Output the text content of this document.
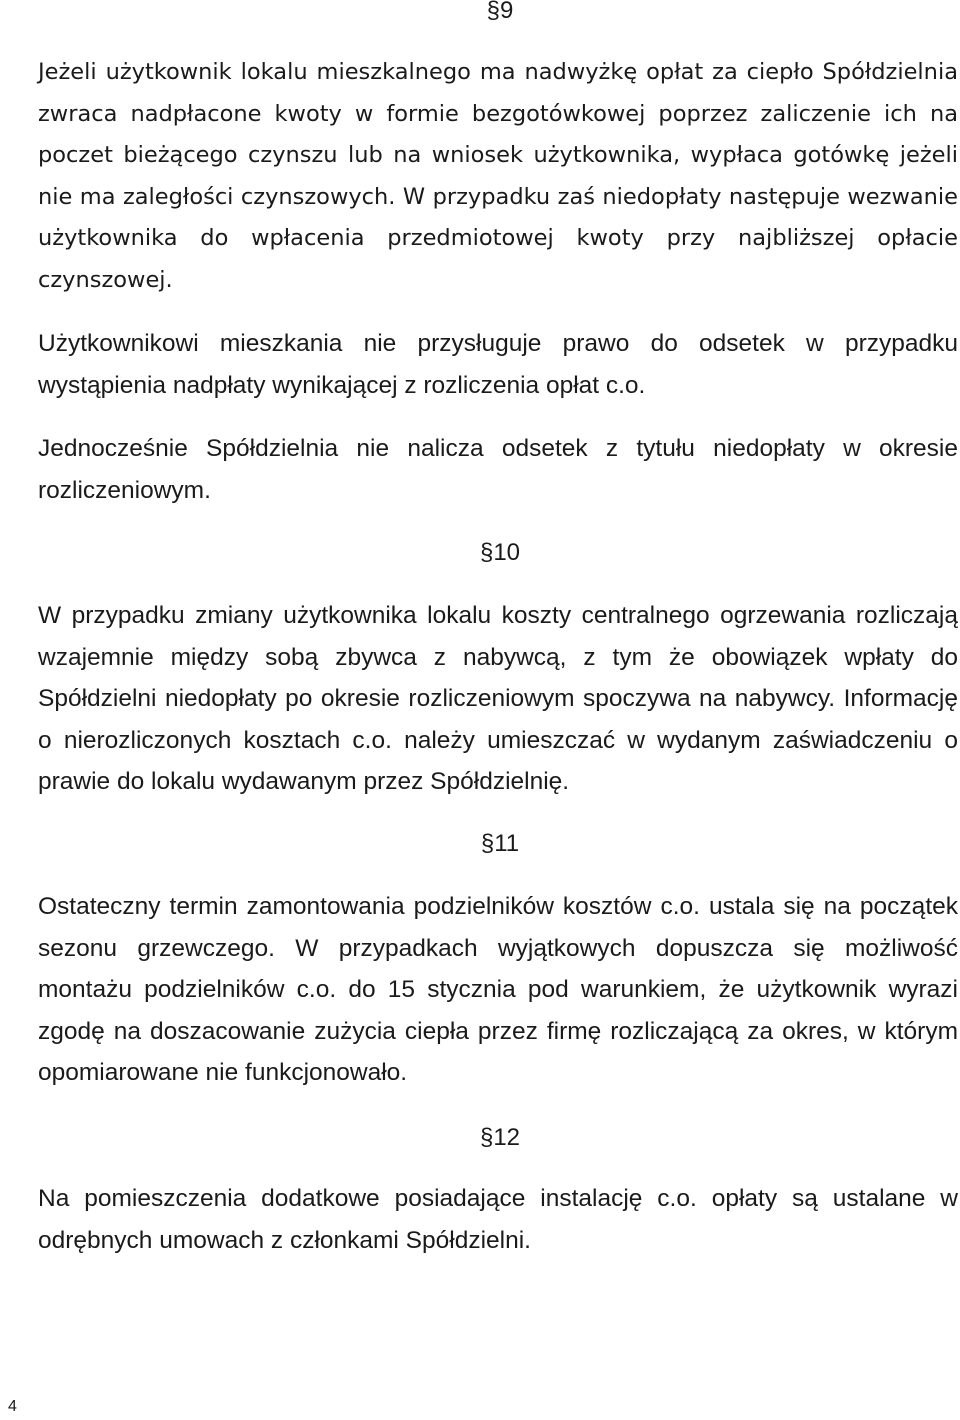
§9

Jeżeli użytkownik lokalu mieszkalnego ma nadwyżkę opłat za ciepło Spółdzielnia zwraca nadpłacone kwoty w formie bezgotówkowej poprzez zaliczenie ich na poczet bieżącego czynszu lub na wniosek użytkownika, wypłaca gotówkę jeżeli nie ma zaległości czynszowych. W przypadku zaś niedopłaty następuje wezwanie użytkownika do wpłacenia przedmiotowej kwoty przy najbliższej opłacie czynszowej.

Użytkownikowi mieszkania nie przysługuje prawo do odsetek w przypadku wystąpienia nadpłaty wynikającej z rozliczenia opłat c.o.

Jednocześnie Spółdzielnia nie nalicza odsetek z tytułu niedopłaty w okresie rozliczeniowym.

§10

W przypadku zmiany użytkownika lokalu koszty centralnego ogrzewania rozliczają wzajemnie między sobą zbywca z nabywcą, z tym że obowiązek wpłaty do Spółdzielni niedopłaty po okresie rozliczeniowym spoczywa na nabywcy. Informację o nierozliczonych kosztach c.o. należy umieszczać w wydanym zaświadczeniu o prawie do lokalu wydawanym przez Spółdzielnię.

§11

Ostateczny termin zamontowania podzielników kosztów c.o. ustala się na początek sezonu grzewczego. W przypadkach wyjątkowych dopuszcza się możliwość montażu podzielników c.o. do 15 stycznia pod warunkiem, że użytkownik wyrazi zgodę na doszacowanie zużycia ciepła przez firmę rozliczającą za okres, w którym opomiarowane nie funkcjonowało.

§12

Na pomieszczenia dodatkowe posiadające instalację c.o. opłaty są ustalane w odrębnych umowach z członkami Spółdzielni.

4
